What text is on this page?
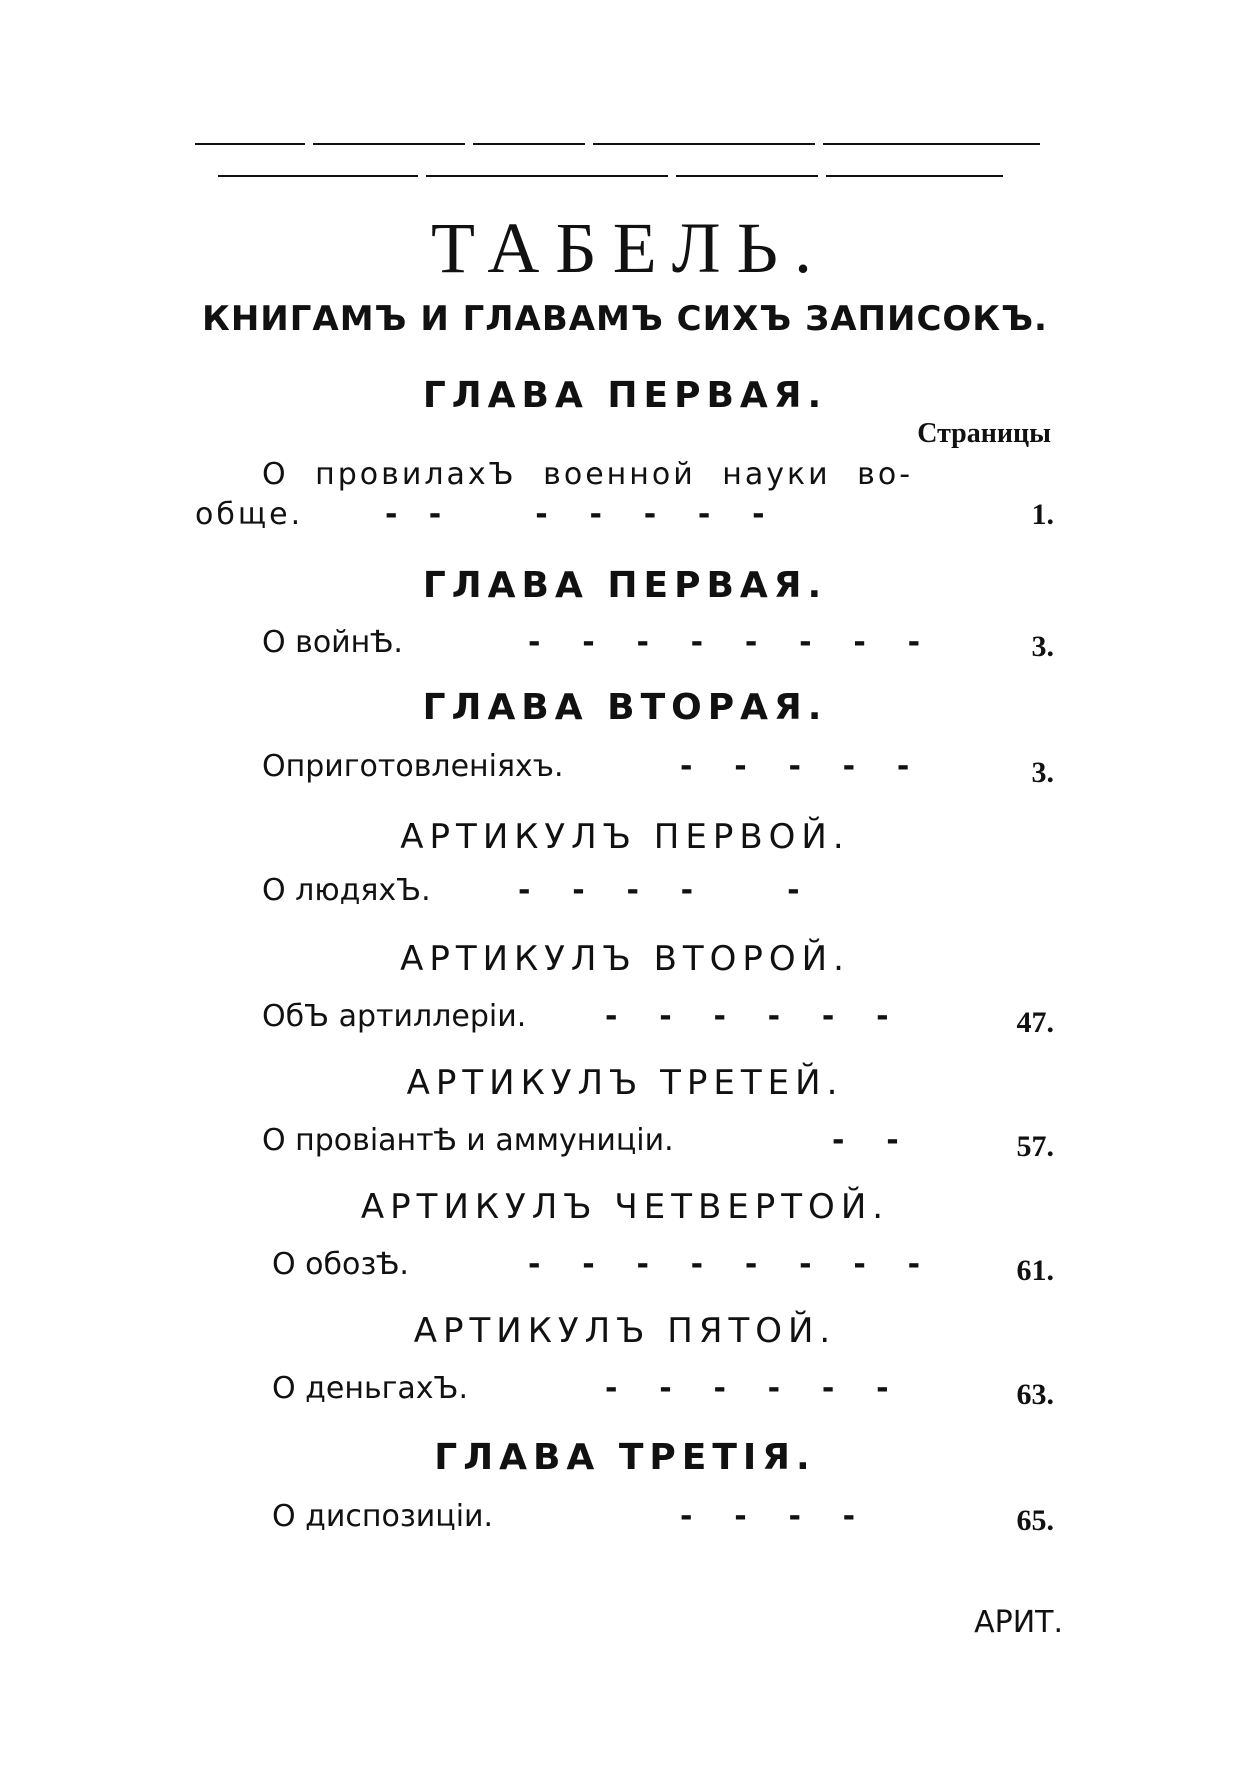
ТАБЕЛЬ.
КНИГАМЪ И ГЛАВАМЪ СИХЪ ЗАПИСОКЪ.
ГЛАВА ПЕРВАЯ.
Страницы
О провилахЪ военной науки во-
обще.	-   -         -    -    -    -    -	1.
ГЛАВА ПЕРВАЯ.
О войнѢ.	-    -    -    -    -    -    -    -	3.
ГЛАВА ВТОРАЯ.
Оприготовленіяхъ.	-    -    -    -    -	3.
АРТИКУЛЪ ПЕРВОЙ.
О людяхЪ.	-    -    -    -         -
АРТИКУЛЪ ВТОРОЙ.
ОбЪ артиллеріи.	-    -    -    -    -    -	47.
АРТИКУЛЪ ТРЕТЕЙ.
О провіантѢ и аммуниціи.	-    -	57.
АРТИКУЛЪ ЧЕТВЕРТОЙ.
О обозѢ.	-    -    -    -    -    -    -    -	61.
АРТИКУЛЪ ПЯТОЙ.
О деньгахЪ.	-    -    -    -    -    -	63.
ГЛАВА ТРЕТІЯ.
О диспозиціи.	-    -    -    -	65.
АРИТ.
